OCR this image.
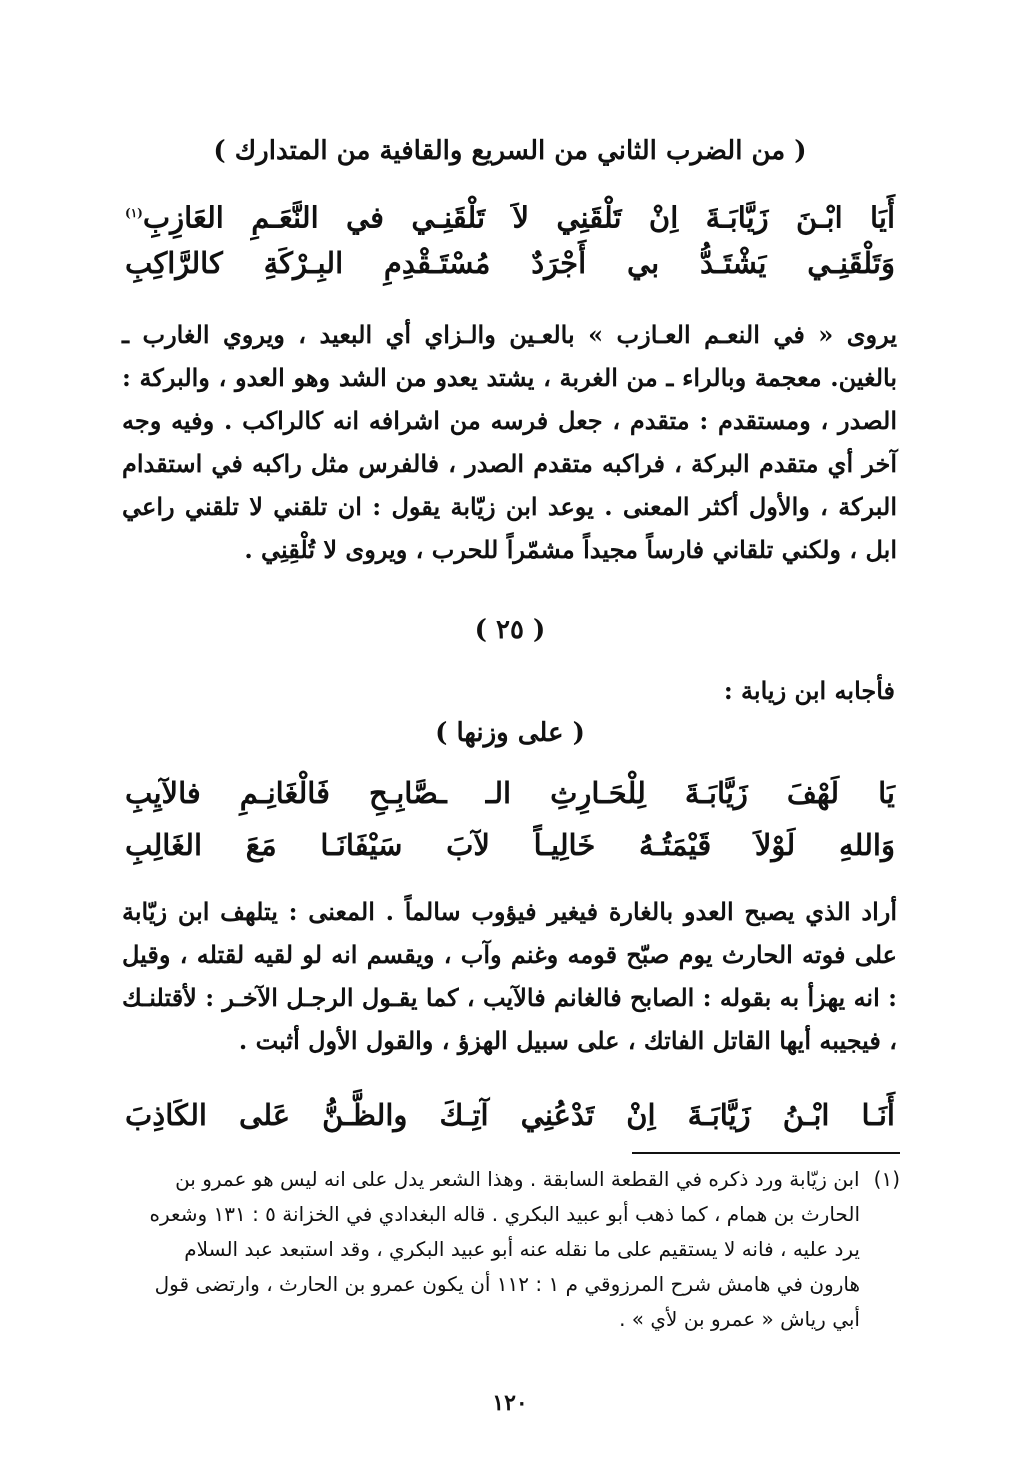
( من الضرب الثاني من السريع والقافية من المتدارك )
أَيَا ابْـنَ زَيَّابَـةَ اِنْ تَلْقَنِي لاَ تَلْقَنِـي في النَّعَـمِ العَازِبِ$^{(١)}$
وَتَلْقَنِـي يَشْتَـدُّ بي أَجْرَدٌ مُسْتَـقْدِمِ البِـرْكَةِ كالرَّاكِبِ
يروى « في النعـم العـازب » بالعـين والـزاي أي البعيد ، ويروي الغارب ـ بالغين. معجمة وبالراء ـ من الغربة ، يشتد يعدو من الشد وهو العدو ، والبركة : الصدر ، ومستقدم : متقدم ، جعل فرسه من اشرافه انه كالراكب . وفيه وجه آخر أي متقدم البركة ، فراكبه متقدم الصدر ، فالفرس مثل راكبه في استقدام البركة ، والأول أكثر المعنى . يوعد ابن زيّابة يقول : ان تلقني لا تلقني راعي ابل ، ولكني تلقاني فارساً مجيداً مشمّراً للحرب ، ويروى لا تُلْقِنِي .
( ٢٥ )
فأجابه ابن زيابة :
( على وزنها )
يَا لَهْفَ زَيَّابَـةَ لِلْحَـارِثِ الـ ـصَّابِـحِ فَالْغَانِـمِ فالآيِبِ
وَاللهِ لَوْلاَ قَيْمَتُـهُ خَالِيـاً لآبَ سَيْفَانَـا مَعَ الغَالِبِ
أراد الذي يصبح العدو بالغارة فيغير فيؤوب سالماً . المعنى : يتلهف ابن زيّابة على فوته الحارث يوم صبّح قومه وغنم وآب ، ويقسم انه لو لقيه لقتله ، وقيل : انه يهزأ به بقوله : الصابح فالغانم فالآيب ، كما يقـول الرجـل الآخـر : لأقتلنـك ، فيجيبه أيها القاتل الفاتك ، على سبيل الهزؤ ، والقول الأول أثبت .
أَنَـا ابْـنُ زَيَّابَـةَ اِنْ تَدْعُنِي آتِـكَ والظَّـنُّ عَلى الكَاذِبَ
(١)ابن زيّابة ورد ذكره في القطعة السابقة . وهذا الشعر يدل على انه ليس هو عمرو بن
الحارث بن همام ، كما ذهب أبو عبيد البكري . قاله البغدادي في الخزانة ٥ : ١٣١ وشعره
يرد عليه ، فانه لا يستقيم على ما نقله عنه أبو عبيد البكري ، وقد استبعد عبد السلام
هارون في هامش شرح المرزوقي م ١ : ١١٢ أن يكون عمرو بن الحارث ، وارتضى قول
أبي رياش « عمرو بن لأي » .
١٢٠
